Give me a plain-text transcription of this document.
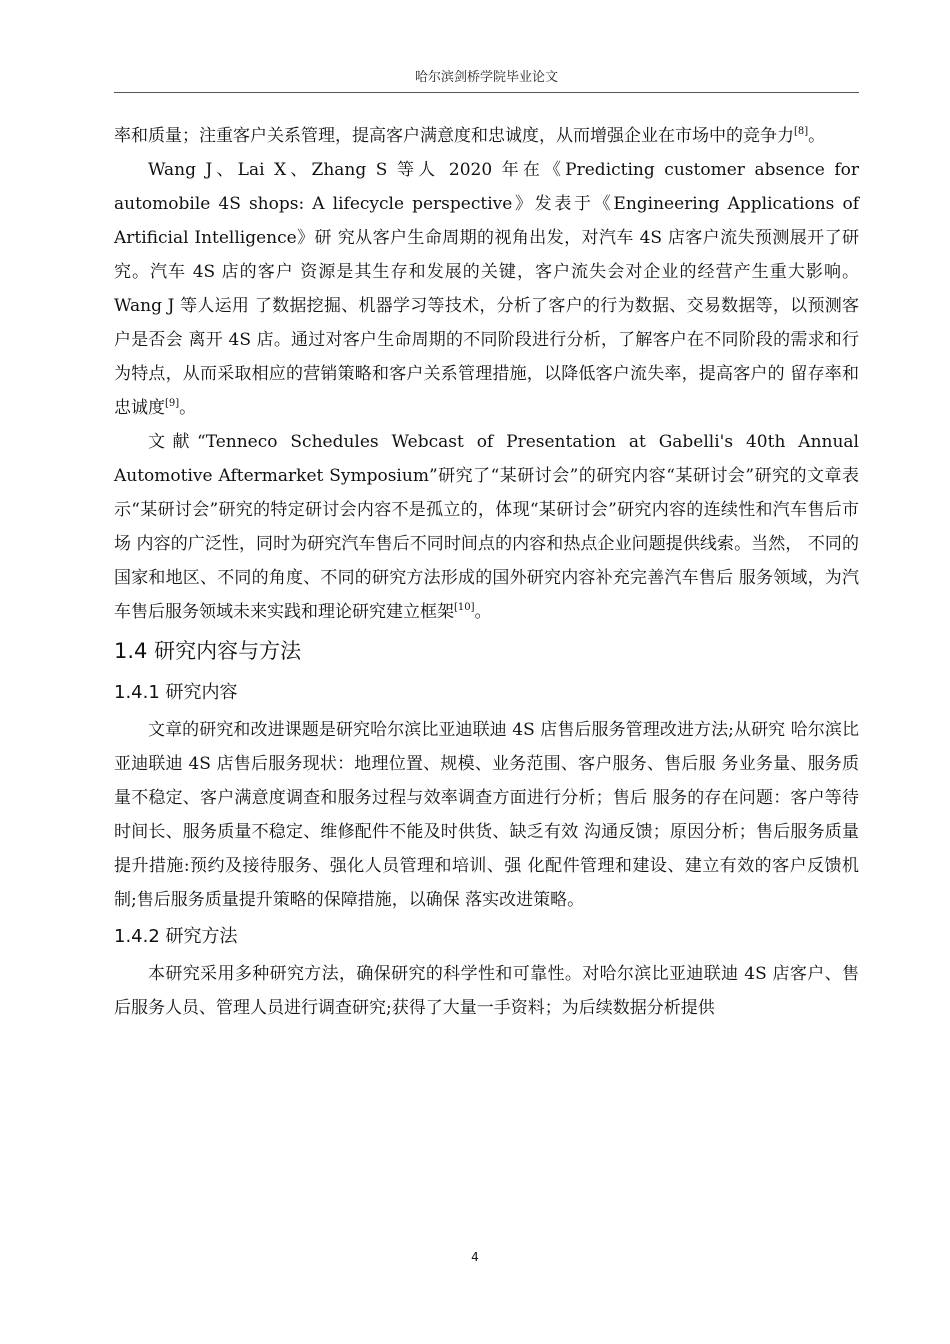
哈尔滨剑桥学院毕业论文

率和质量；注重客户关系管理，提高客户满意度和忠诚度，从而增强企业在市场中的竞争力[8]。

Wang J、Lai X、Zhang S 等人 2020 年在《Predicting customer absence for automobile 4S shops: A lifecycle perspective》发表于《Engineering Applications of Artificial Intelligence》研 究从客户生命周期的视角出发，对汽车 4S 店客户流失预测展开了研究。汽车 4S 店的客户 资源是其生存和发展的关键，客户流失会对企业的经营产生重大影响。Wang J 等人运用 了数据挖掘、机器学习等技术，分析了客户的行为数据、交易数据等，以预测客户是否会 离开 4S 店。通过对客户生命周期的不同阶段进行分析，了解客户在不同阶段的需求和行 为特点，从而采取相应的营销策略和客户关系管理措施，以降低客户流失率，提高客户的 留存率和忠诚度[9]。

文献“Tenneco Schedules Webcast of Presentation at Gabelli's 40th Annual Automotive Aftermarket Symposium”研究了“某研讨会”的研究内容“某研讨会”研究的文章表示“某研讨会”研究的特定研讨会内容不是孤立的，体现“某研讨会”研究内容的连续性和汽车售后市场 内容的广泛性，同时为研究汽车售后不同时间点的内容和热点企业问题提供线索。当然， 不同的国家和地区、不同的角度、不同的研究方法形成的国外研究内容补充完善汽车售后 服务领域，为汽车售后服务领域未来实践和理论研究建立框架[10]。

1.4 研究内容与方法
1.4.1 研究内容

文章的研究和改进课题是研究哈尔滨比亚迪联迪 4S 店售后服务管理改进方法;从研究 哈尔滨比亚迪联迪 4S 店售后服务现状：地理位置、规模、业务范围、客户服务、售后服 务业务量、服务质量不稳定、客户满意度调查和服务过程与效率调查方面进行分析；售后 服务的存在问题：客户等待时间长、服务质量不稳定、维修配件不能及时供货、缺乏有效 沟通反馈；原因分析；售后服务质量提升措施:预约及接待服务、强化人员管理和培训、强 化配件管理和建设、建立有效的客户反馈机制;售后服务质量提升策略的保障措施，以确保 落实改进策略。

1.4.2 研究方法

本研究采用多种研究方法，确保研究的科学性和可靠性。对哈尔滨比亚迪联迪 4S 店客户、售后服务人员、管理人员进行调查研究;获得了大量一手资料；为后续数据分析提供

4
